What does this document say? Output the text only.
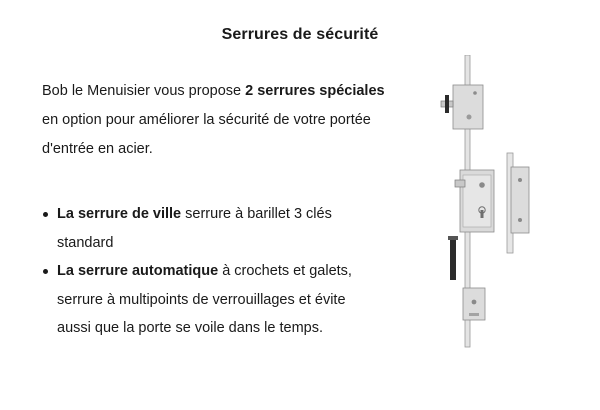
Serrures de sécurité

Bob le Menuisier vous propose 2 serrures spéciales en option pour améliorer la sécurité de votre portée d'entrée en acier.

La serrure de ville serrure à barillet 3 clés standard
La serrure automatique à crochets et galets, serrure à multipoints de verrouillages et évite aussi que la porte se voile dans le temps.
